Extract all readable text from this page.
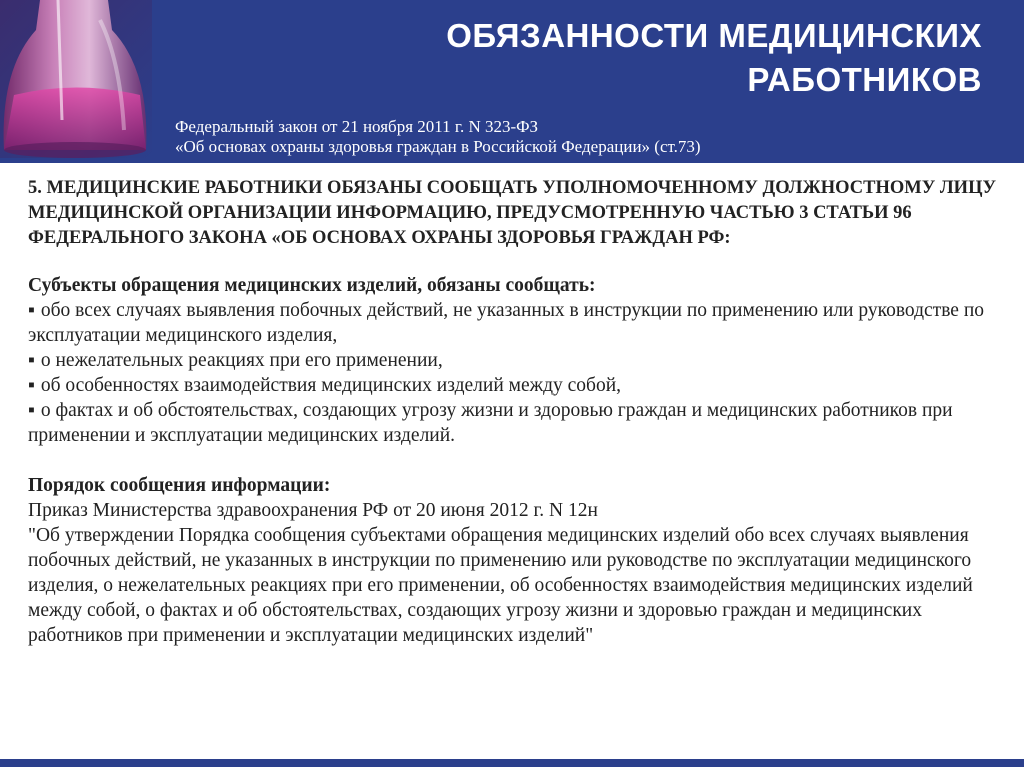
ОБЯЗАННОСТИ МЕДИЦИНСКИХ
РАБОТНИКОВ
Федеральный закон от 21 ноября 2011 г. N 323-ФЗ
«Об основах охраны здоровья граждан в Российской Федерации» (ст.73)

5. МЕДИЦИНСКИЕ РАБОТНИКИ ОБЯЗАНЫ СООБЩАТЬ УПОЛНОМОЧЕННОМУ ДОЛЖНОСТНОМУ ЛИЦУ МЕДИЦИНСКОЙ ОРГАНИЗАЦИИ ИНФОРМАЦИЮ, ПРЕДУСМОТРЕННУЮ ЧАСТЬЮ 3 СТАТЬИ 96 ФЕДЕРАЛЬНОГО ЗАКОНА «ОБ ОСНОВАХ ОХРАНЫ ЗДОРОВЬЯ ГРАЖДАН РФ:

Субъекты обращения медицинских изделий, обязаны сообщать:

▪ обо всех случаях выявления побочных действий, не указанных в инструкции по применению или руководстве по эксплуатации медицинского изделия,

▪ о нежелательных реакциях при его применении,

▪ об особенностях взаимодействия медицинских изделий между собой,

▪ о фактах и об обстоятельствах, создающих угрозу жизни и здоровью граждан и медицинских работников при применении и эксплуатации медицинских изделий.

Порядок сообщения информации:
Приказ Министерства здравоохранения РФ от 20 июня 2012 г. N 12н
"Об утверждении Порядка сообщения субъектами обращения медицинских изделий обо всех случаях выявления побочных действий, не указанных в инструкции по применению или руководстве по эксплуатации медицинского изделия, о нежелательных реакциях при его применении, об особенностях взаимодействия медицинских изделий между собой, о фактах и об обстоятельствах, создающих угрозу жизни и здоровью граждан и медицинских работников при применении и эксплуатации медицинских изделий"
